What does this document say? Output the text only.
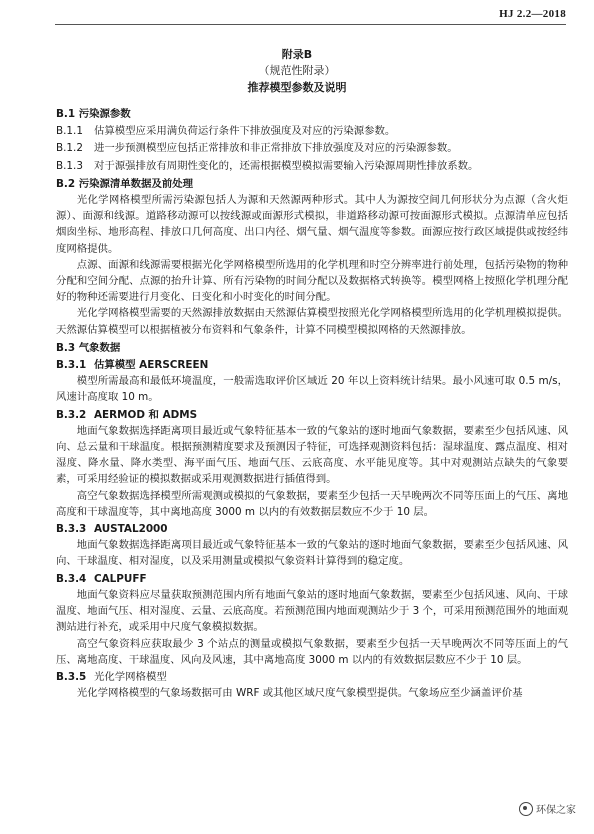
HJ 2.2—2018
附录B
（规范性附录）
推荐模型参数及说明
B.1 污染源参数
B.1.1	估算模型应采用满负荷运行条件下排放强度及对应的污染源参数。
B.1.2	进一步预测模型应包括正常排放和非正常排放下排放强度及对应的污染源参数。
B.1.3	对于源强排放有周期性变化的，还需根据模型模拟需要输入污染源周期性排放系数。
B.2 污染源清单数据及前处理
光化学网格模型所需污染源包括人为源和天然源两种形式。其中人为源按空间几何形状分为点源（含火炬源）、面源和线源。道路移动源可以按线源或面源形式模拟，非道路移动源可按面源形式模拟。点源清单应包括烟囱坐标、地形高程、排放口几何高度、出口内径、烟气量、烟气温度等参数。面源应按行政区域提供或按经纬度网格提供。
点源、面源和线源需要根据光化学网格模型所选用的化学机理和时空分辨率进行前处理，包括污染物的物种分配和空间分配、点源的抬升计算、所有污染物的时间分配以及数据格式转换等。模型网格上按照化学机理分配好的物种还需要进行月变化、日变化和小时变化的时间分配。
光化学网格模型需要的天然源排放数据由天然源估算模型按照光化学网格模型所选用的化学机理模拟提供。天然源估算模型可以根据植被分布资料和气象条件，计算不同模型模拟网格的天然源排放。
B.3 气象数据
B.3.1 估算模型 AERSCREEN
模型所需最高和最低环境温度，一般需选取评价区域近 20 年以上资料统计结果。最小风速可取 0.5 m/s，风速计高度取 10 m。
B.3.2 AERMOD 和 ADMS
地面气象数据选择距离项目最近或气象特征基本一致的气象站的逐时地面气象数据，要素至少包括风速、风向、总云量和干球温度。根据预测精度要求及预测因子特征，可选择观测资料包括：湿球温度、露点温度、相对湿度、降水量、降水类型、海平面气压、地面气压、云底高度、水平能见度等。其中对观测站点缺失的气象要素，可采用经验证的模拟数据或采用观测数据进行插值得到。
高空气象数据选择模型所需观测或模拟的气象数据，要素至少包括一天早晚两次不同等压面上的气压、离地高度和干球温度等，其中离地高度 3000 m 以内的有效数据层数应不少于 10 层。
B.3.3 AUSTAL2000
地面气象数据选择距离项目最近或气象特征基本一致的气象站的逐时地面气象数据，要素至少包括风速、风向、干球温度、相对湿度，以及采用测量或模拟气象资料计算得到的稳定度。
B.3.4 CALPUFF
地面气象资料应尽量获取预测范围内所有地面气象站的逐时地面气象数据，要素至少包括风速、风向、干球温度、地面气压、相对湿度、云量、云底高度。若预测范围内地面观测站少于 3 个，可采用预测范围外的地面观测站进行补充，或采用中尺度气象模拟数据。
高空气象资料应获取最少 3 个站点的测量或模拟气象数据，要素至少包括一天早晚两次不同等压面上的气压、离地高度、干球温度、风向及风速，其中离地高度 3000 m 以内的有效数据层数应不少于 10 层。
B.3.5 光化学网格模型
光化学网格模型的气象场数据可由 WRF 或其他区域尺度气象模型提供。气象场应至少涵盖评价基
环保之家
